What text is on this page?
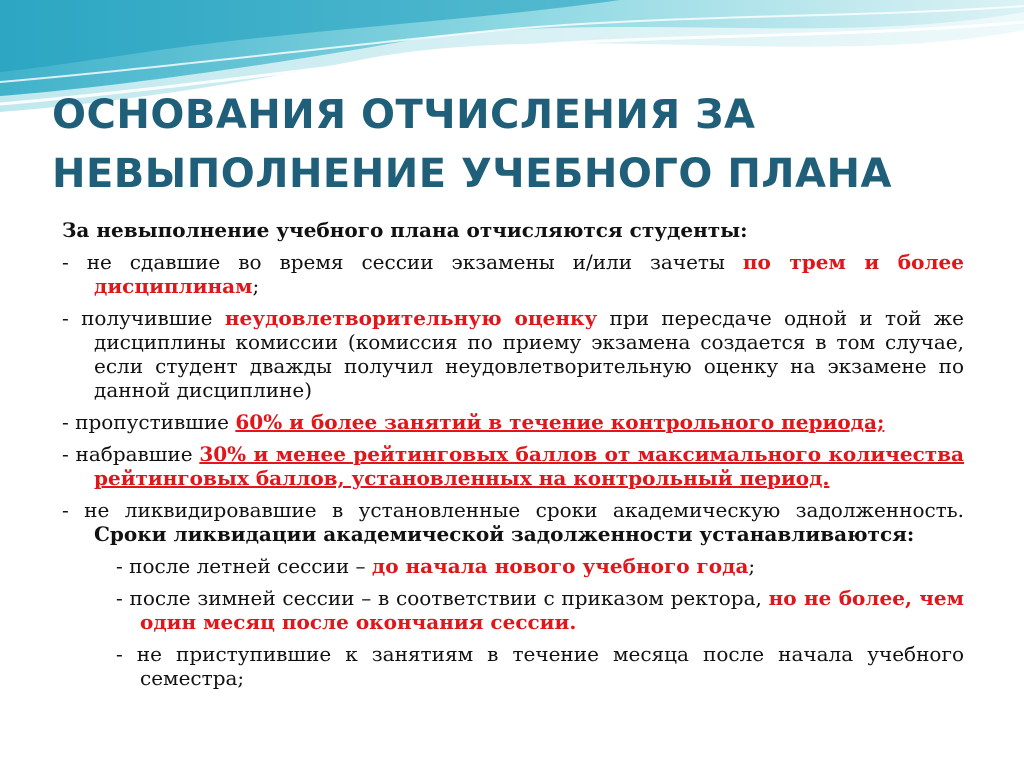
ОСНОВАНИЯ ОТЧИСЛЕНИЯ ЗА
НЕВЫПОЛНЕНИЕ УЧЕБНОГО ПЛАНА
За невыполнение учебного плана отчисляются студенты:
- не сдавшие во время сессии экзамены и/или зачеты по трем и более дисциплинам;
- получившие неудовлетворительную оценку при пересдаче одной и той же дисциплины комиссии (комиссия по приему экзамена создается в том случае, если студент дважды получил неудовлетворительную оценку на экзамене по данной дисциплине)
- пропустившие 60% и более занятий в течение контрольного периода;
- набравшие 30% и менее рейтинговых баллов от максимального количества рейтинговых баллов, установленных на контрольный период.
- не ликвидировавшие в установленные сроки академическую задолженность. Сроки ликвидации академической задолженности устанавливаются:
- после летней сессии – до начала нового учебного года;
- после зимней сессии – в соответствии с приказом ректора, но не более, чем один месяц после окончания сессии.
- не приступившие к занятиям в течение месяца после начала учебного семестра;
